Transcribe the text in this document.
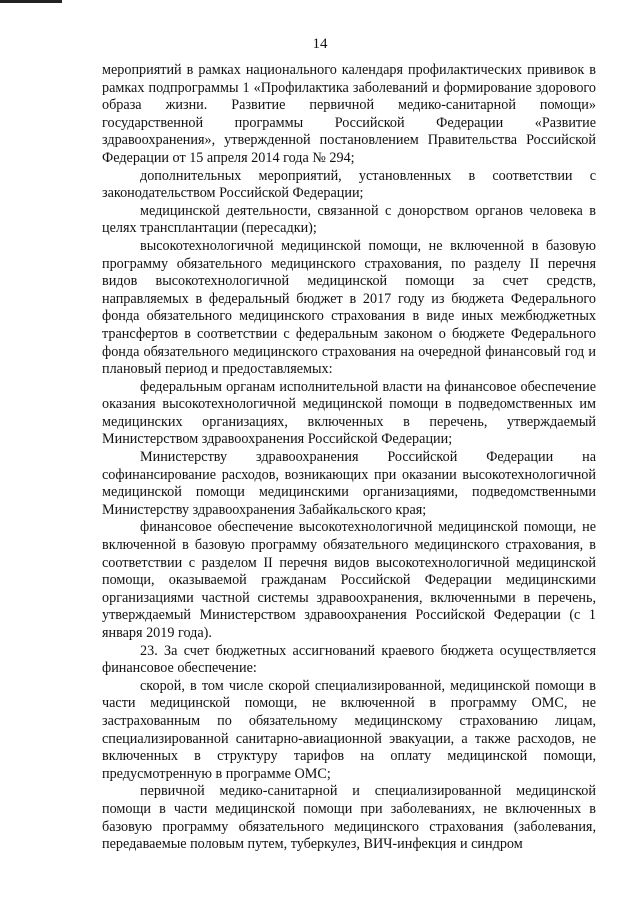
14

мероприятий в рамках национального календаря профилактических прививок в рамках подпрограммы 1 «Профилактика заболеваний и формирование здорового образа жизни. Развитие первичной медико-санитарной помощи» государственной программы Российской Федерации «Развитие здравоохранения», утвержденной постановлением Правительства Российской Федерации от 15 апреля 2014 года № 294;

дополнительных мероприятий, установленных в соответствии с законодательством Российской Федерации;

медицинской деятельности, связанной с донорством органов человека в целях трансплантации (пересадки);

высокотехнологичной медицинской помощи, не включенной в базовую программу обязательного медицинского страхования, по разделу II перечня видов высокотехнологичной медицинской помощи за счет средств, направляемых в федеральный бюджет в 2017 году из бюджета Федерального фонда обязательного медицинского страхования в виде иных межбюджетных трансфертов в соответствии с федеральным законом о бюджете Федерального фонда обязательного медицинского страхования на очередной финансовый год и плановый период и предоставляемых:

федеральным органам исполнительной власти на финансовое обеспечение оказания высокотехнологичной медицинской помощи в подведомственных им медицинских организациях, включенных в перечень, утверждаемый Министерством здравоохранения Российской Федерации;

Министерству здравоохранения Российской Федерации на софинансирование расходов, возникающих при оказании высокотехнологичной медицинской помощи медицинскими организациями, подведомственными Министерству здравоохранения Забайкальского края;

финансовое обеспечение высокотехнологичной медицинской помощи, не включенной в базовую программу обязательного медицинского страхования, в соответствии с разделом II перечня видов высокотехнологичной медицинской помощи, оказываемой гражданам Российской Федерации медицинскими организациями частной системы здравоохранения, включенными в перечень, утверждаемый Министерством здравоохранения Российской Федерации (с 1 января 2019 года).

23. За счет бюджетных ассигнований краевого бюджета осуществляется финансовое обеспечение:

скорой, в том числе скорой специализированной, медицинской помощи в части медицинской помощи, не включенной в программу ОМС, не застрахованным по обязательному медицинскому страхованию лицам, специализированной санитарно-авиационной эвакуации, а также расходов, не включенных в структуру тарифов на оплату медицинской помощи, предусмотренную в программе ОМС;

первичной медико-санитарной и специализированной медицинской помощи в части медицинской помощи при заболеваниях, не включенных в базовую программу обязательного медицинского страхования (заболевания, передаваемые половым путем, туберкулез, ВИЧ-инфекция и синдром
